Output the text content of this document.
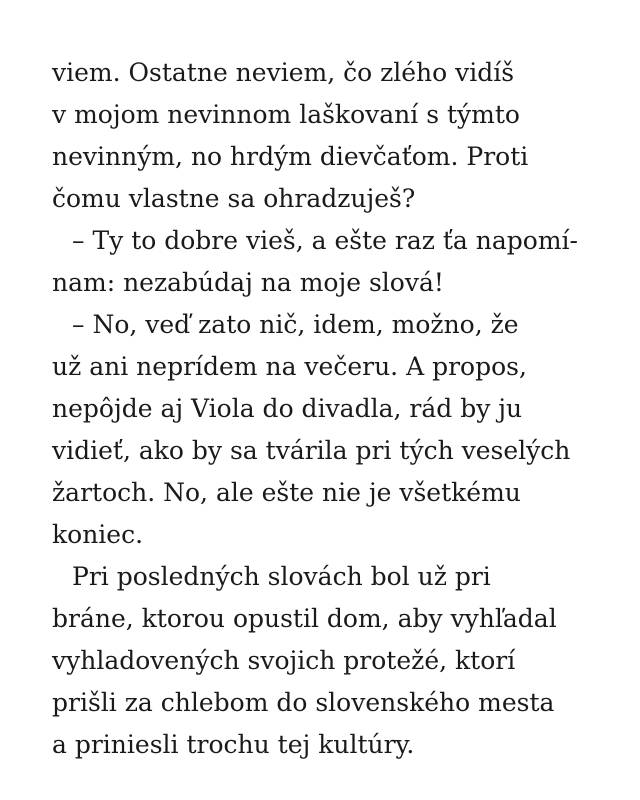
viem. Ostatne neviem, čo zlého vidíš
v mojom nevinnom laškovaní s týmto
nevinným, no hrdým dievčaťom. Proti
čomu vlastne sa ohradzuješ?
– Ty to dobre vieš, a ešte raz ťa napomí-
nam: nezabúdaj na moje slová!
– No, veď zato nič, idem, možno, že
už ani neprídem na večeru. A propos,
nepôjde aj Viola do divadla, rád by ju
vidieť, ako by sa tvárila pri tých veselých
žartoch. No, ale ešte nie je všetkému
koniec.
Pri posledných slovách bol už pri
bráne, ktorou opustil dom, aby vyhľadal
vyhladovených svojich protežé, ktorí
prišli za chlebom do slovenského mesta
a priniesli trochu tej kultúry.
